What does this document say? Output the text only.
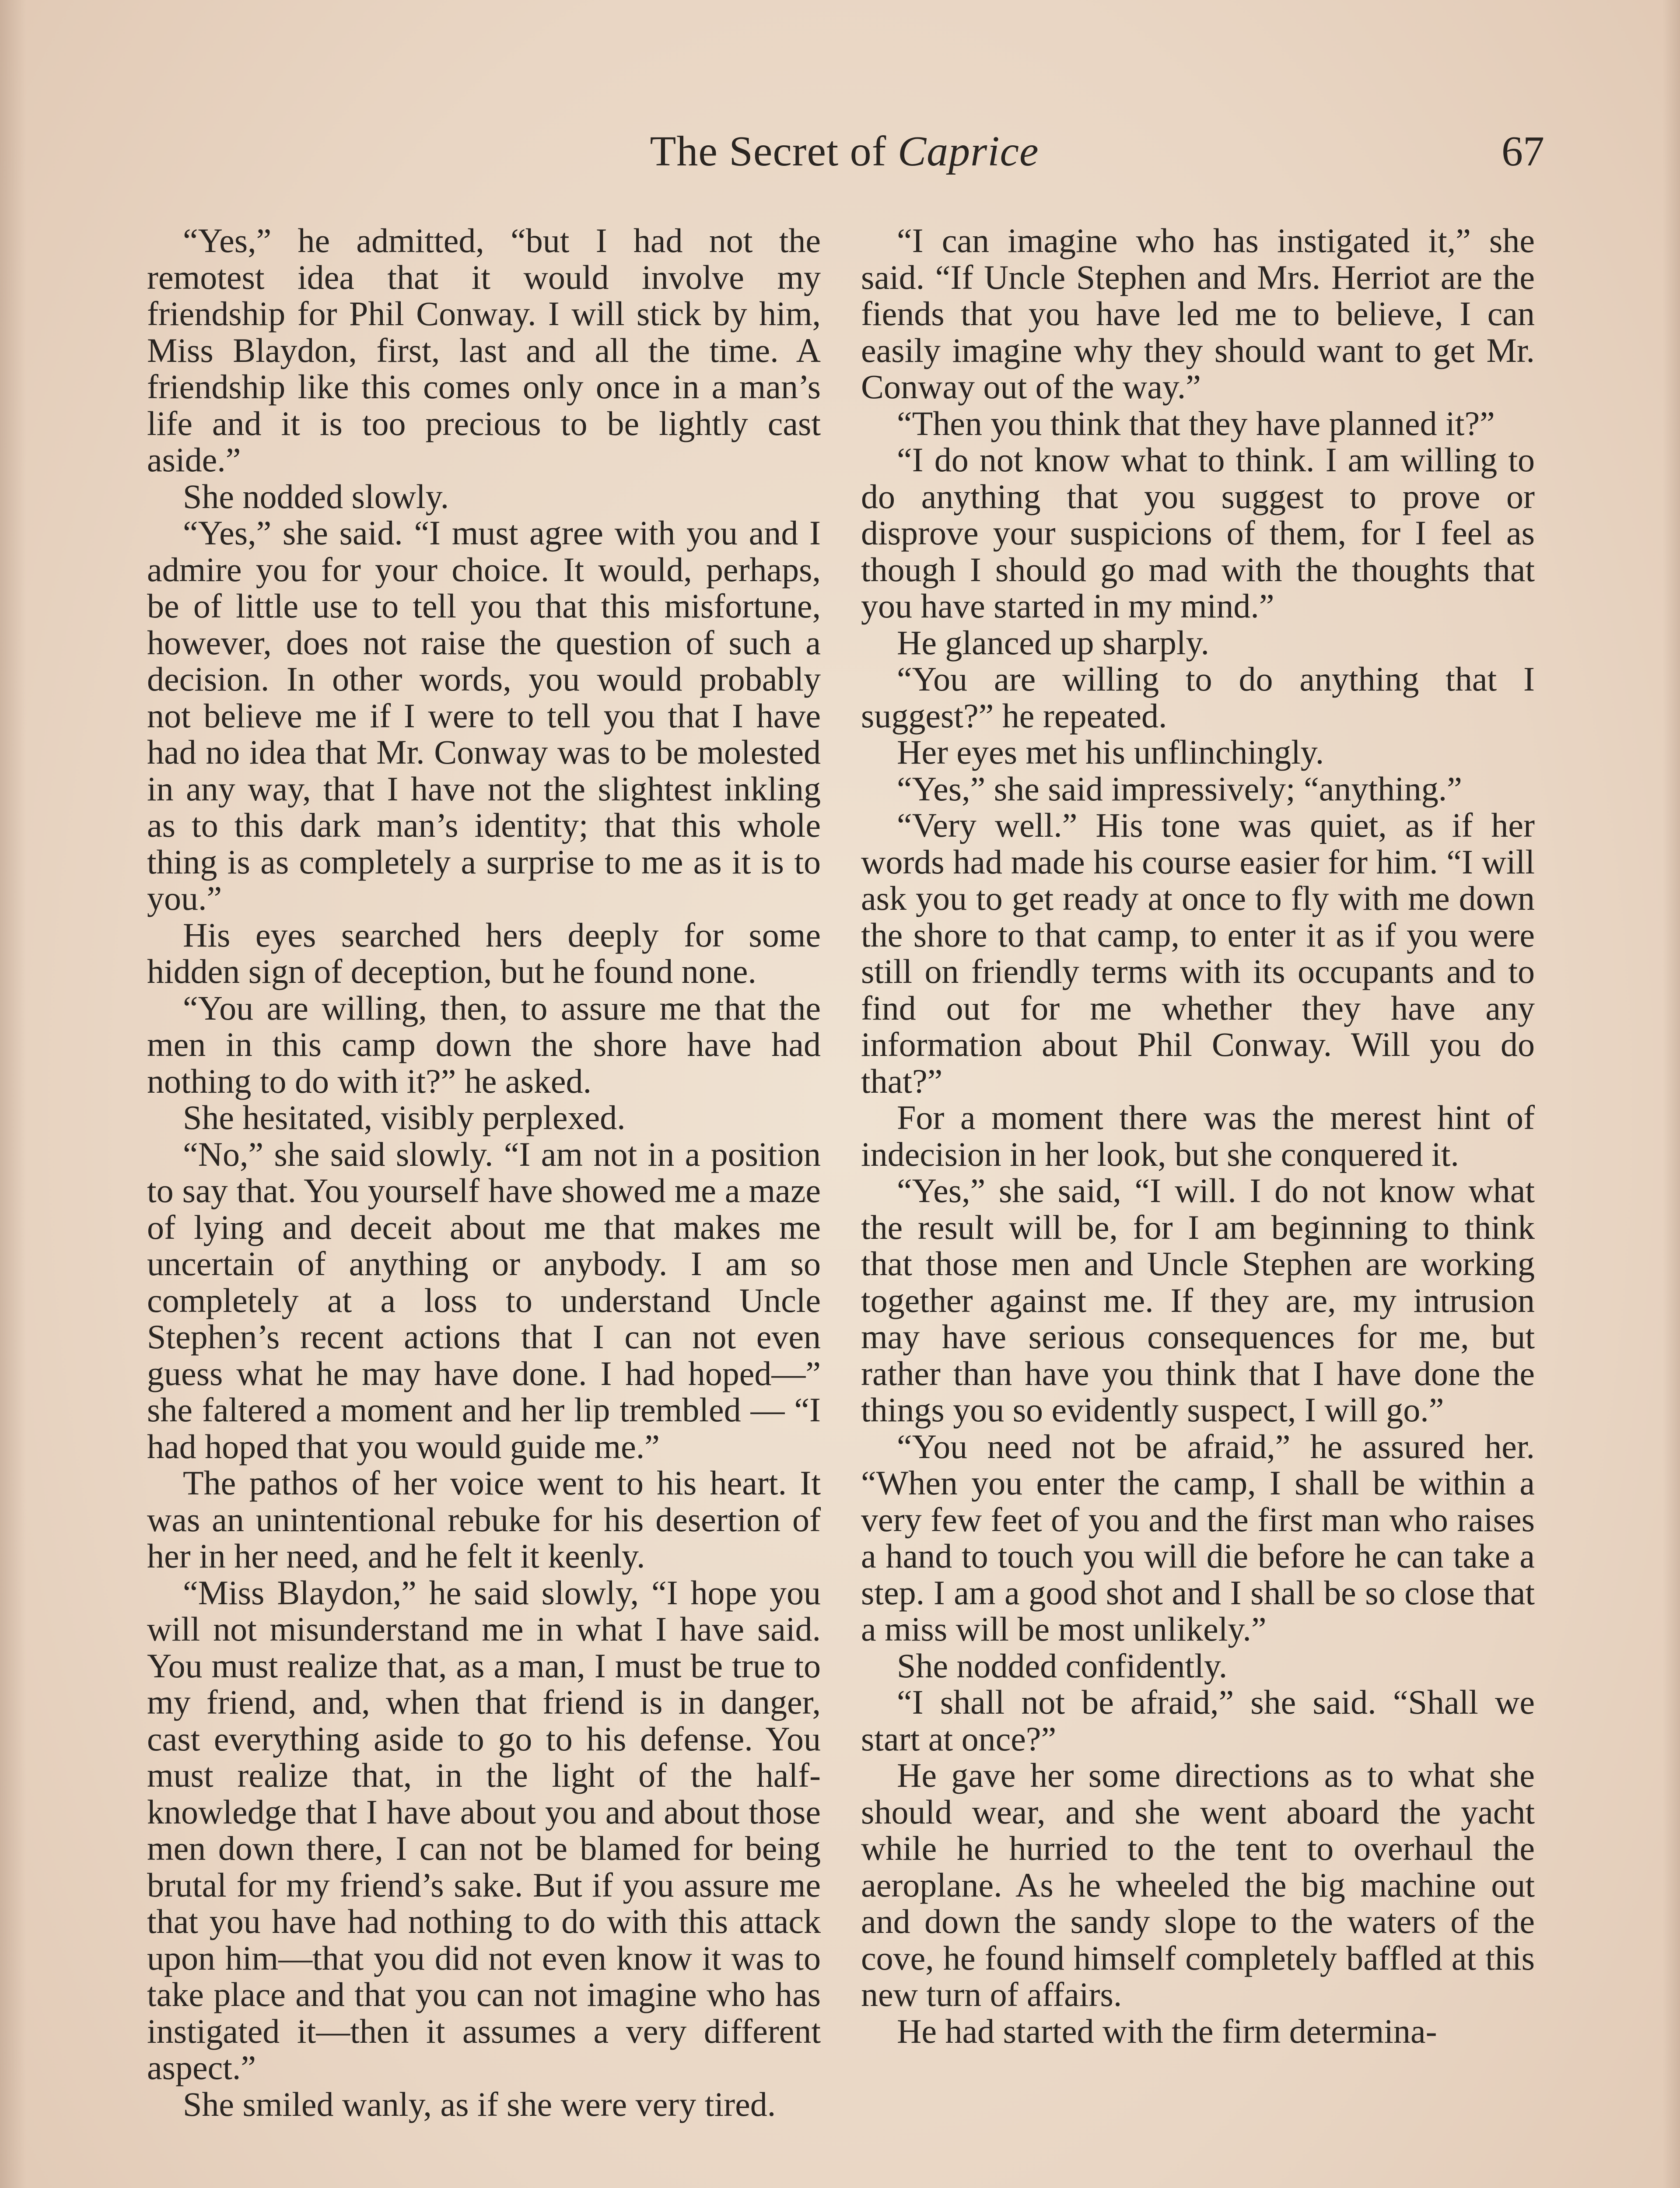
The Secret of Caprice	67

“Yes,” he admitted, “but I had not the remotest idea that it would involve my friendship for Phil Conway. I will stick by him, Miss Blaydon, first, last and all the time. A friendship like this comes only once in a man’s life and it is too precious to be lightly cast aside.”

She nodded slowly.

“Yes,” she said. “I must agree with you and I admire you for your choice. It would, perhaps, be of little use to tell you that this misfortune, however, does not raise the question of such a decision. In other words, you would probably not believe me if I were to tell you that I have had no idea that Mr. Conway was to be molested in any way, that I have not the slightest inkling as to this dark man’s identity; that this whole thing is as completely a surprise to me as it is to you.”

His eyes searched hers deeply for some hidden sign of deception, but he found none.

“You are willing, then, to assure me that the men in this camp down the shore have had nothing to do with it?” he asked.

She hesitated, visibly perplexed.

“No,” she said slowly. “I am not in a position to say that. You yourself have showed me a maze of lying and deceit about me that makes me uncertain of anything or anybody. I am so completely at a loss to understand Uncle Stephen’s recent actions that I can not even guess what he may have done. I had hoped—” she faltered a moment and her lip trembled — “I had hoped that you would guide me.”

The pathos of her voice went to his heart. It was an unintentional rebuke for his desertion of her in her need, and he felt it keenly.

“Miss Blaydon,” he said slowly, “I hope you will not misunderstand me in what I have said. You must realize that, as a man, I must be true to my friend, and, when that friend is in danger, cast everything aside to go to his defense. You must realize that, in the light of the half-knowledge that I have about you and about those men down there, I can not be blamed for being brutal for my friend’s sake. But if you assure me that you have had nothing to do with this attack upon him—that you did not even know it was to take place and that you can not imagine who has instigated it—then it assumes a very different aspect.”

She smiled wanly, as if she were very tired.

“I can imagine who has instigated it,” she said. “If Uncle Stephen and Mrs. Herriot are the fiends that you have led me to believe, I can easily imagine why they should want to get Mr. Conway out of the way.”

“Then you think that they have planned it?”

“I do not know what to think. I am willing to do anything that you suggest to prove or disprove your suspicions of them, for I feel as though I should go mad with the thoughts that you have started in my mind.”

He glanced up sharply.

“You are willing to do anything that I suggest?” he repeated.

Her eyes met his unflinchingly.

“Yes,” she said impressively; “anything.”

“Very well.” His tone was quiet, as if her words had made his course easier for him. “I will ask you to get ready at once to fly with me down the shore to that camp, to enter it as if you were still on friendly terms with its occupants and to find out for me whether they have any information about Phil Conway. Will you do that?”

For a moment there was the merest hint of indecision in her look, but she conquered it.

“Yes,” she said, “I will. I do not know what the result will be, for I am beginning to think that those men and Uncle Stephen are working together against me. If they are, my intrusion may have serious consequences for me, but rather than have you think that I have done the things you so evidently suspect, I will go.”

“You need not be afraid,” he assured her. “When you enter the camp, I shall be within a very few feet of you and the first man who raises a hand to touch you will die before he can take a step. I am a good shot and I shall be so close that a miss will be most unlikely.”

She nodded confidently.

“I shall not be afraid,” she said. “Shall we start at once?”

He gave her some directions as to what she should wear, and she went aboard the yacht while he hurried to the tent to overhaul the aeroplane. As he wheeled the big machine out and down the sandy slope to the waters of the cove, he found himself completely baffled at this new turn of affairs.

He had started with the firm determina-
